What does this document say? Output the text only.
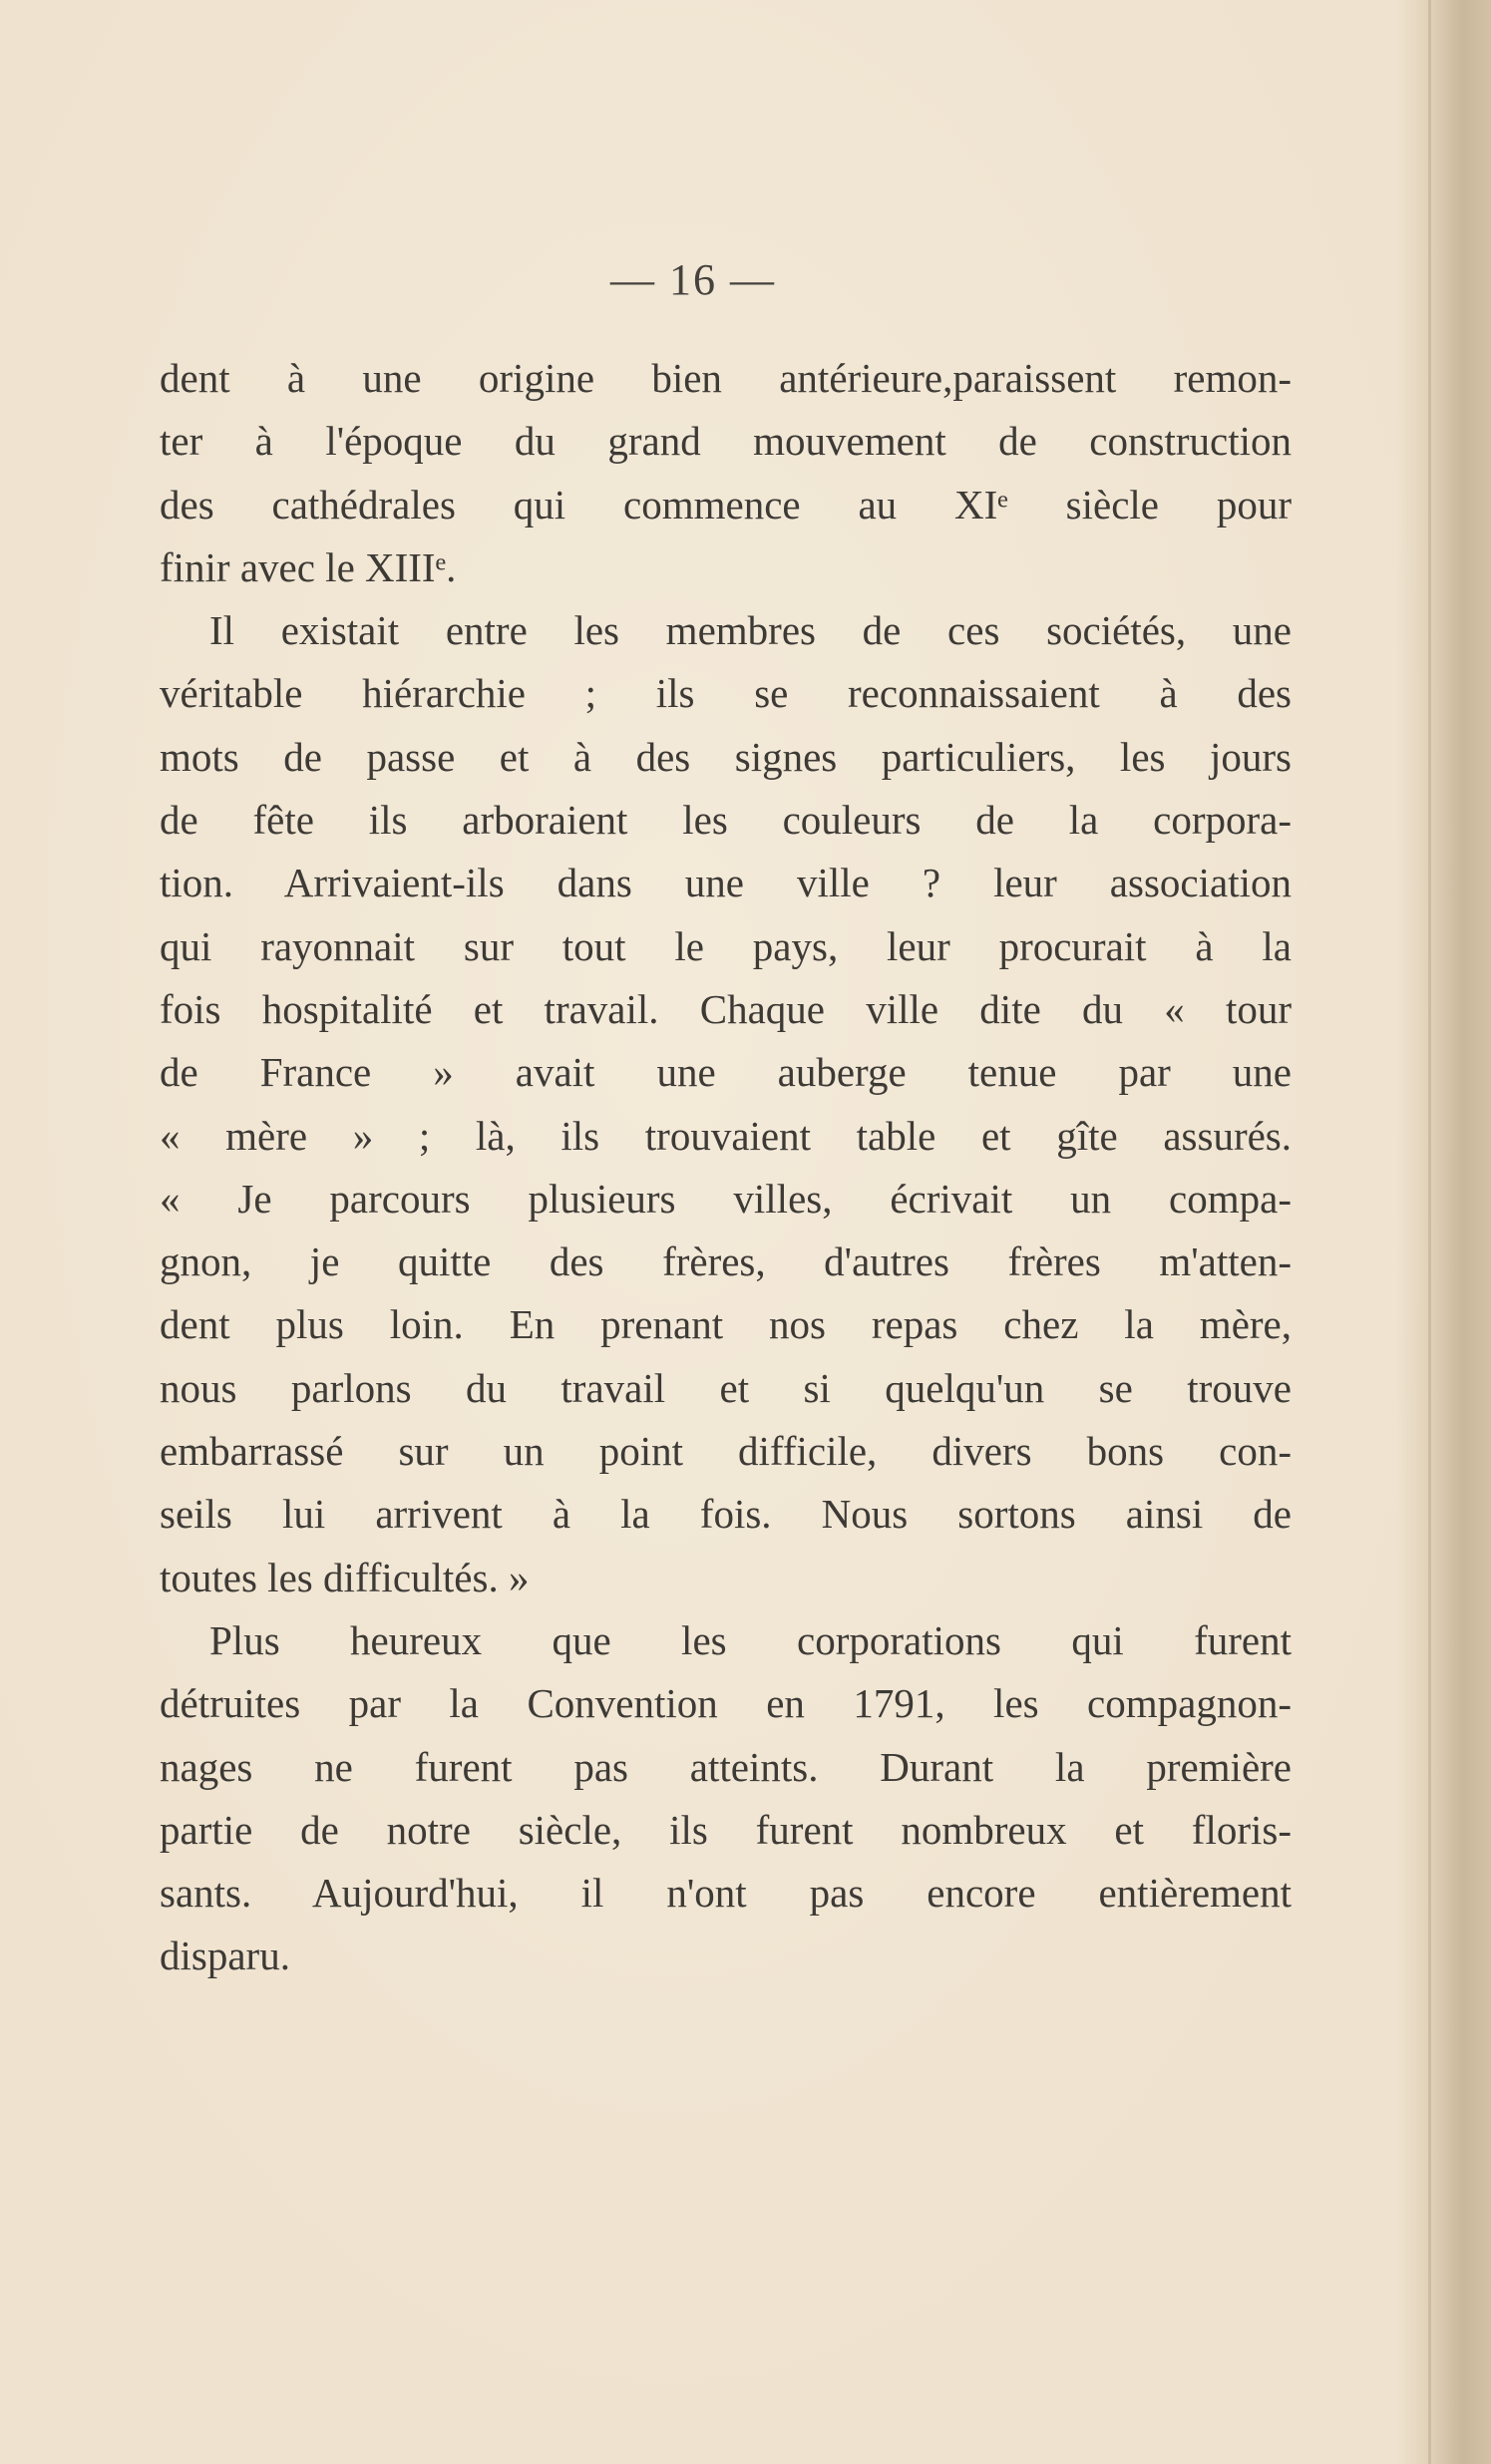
— 16 —
dent à une origine bien antérieure,paraissent remon-
ter à l'époque du grand mouvement de construction
des cathédrales qui commence au XIᵉ siècle pour
finir avec le XIIIᵉ.
Il existait entre les membres de ces sociétés, une
véritable hiérarchie ; ils se reconnaissaient à des
mots de passe et à des signes particuliers, les jours
de fête ils arboraient les couleurs de la corpora-
tion. Arrivaient-ils dans une ville ? leur association
qui rayonnait sur tout le pays, leur procurait à la
fois hospitalité et travail. Chaque ville dite du « tour
de France » avait une auberge tenue par une
« mère » ; là, ils trouvaient table et gîte assurés.
« Je parcours plusieurs villes, écrivait un compa-
gnon, je quitte des frères, d'autres frères m'atten-
dent plus loin. En prenant nos repas chez la mère,
nous parlons du travail et si quelqu'un se trouve
embarrassé sur un point difficile, divers bons con-
seils lui arrivent à la fois. Nous sortons ainsi de
toutes les difficultés. »
Plus heureux que les corporations qui furent
détruites par la Convention en 1791, les compagnon-
nages ne furent pas atteints. Durant la première
partie de notre siècle, ils furent nombreux et floris-
sants. Aujourd'hui, il n'ont pas encore entièrement
disparu.
